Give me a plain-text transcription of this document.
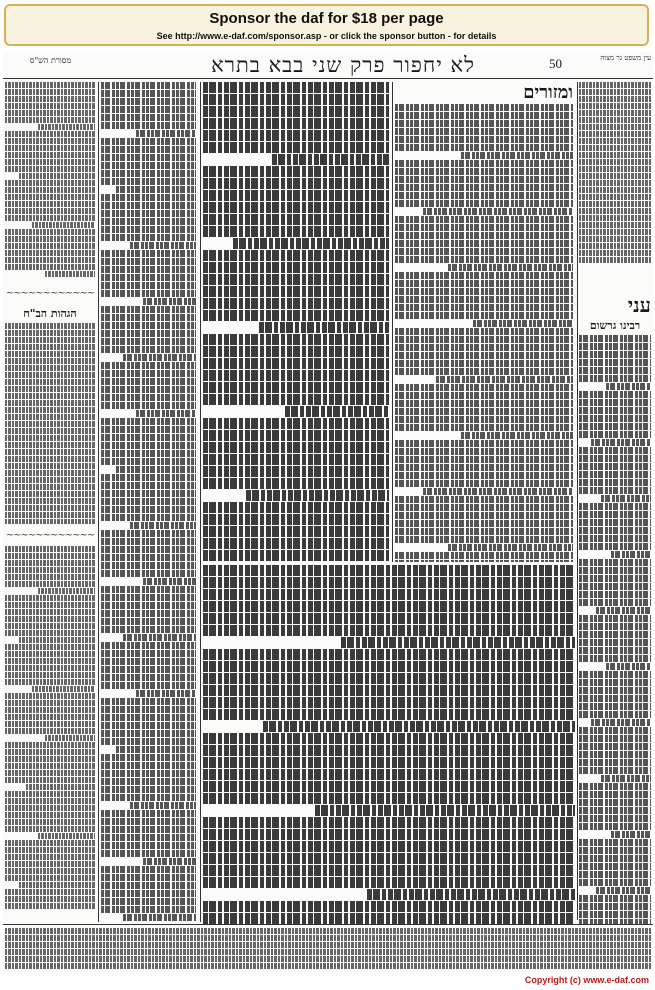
Sponsor the daf for $18 per page
See http://www.e-daf.com/sponsor.asp - or click the sponsor button - for details
מסורת הש"ס	לא יחפור פרק שני בבא בתרא	50	עין משפט נר מצוה
עני
רבינו גרשום
ומזורים
~~~~~~~~~~~~
הגהות הב"ח
~~~~~~~~~~~~
Copyright (c) www.e-daf.com
